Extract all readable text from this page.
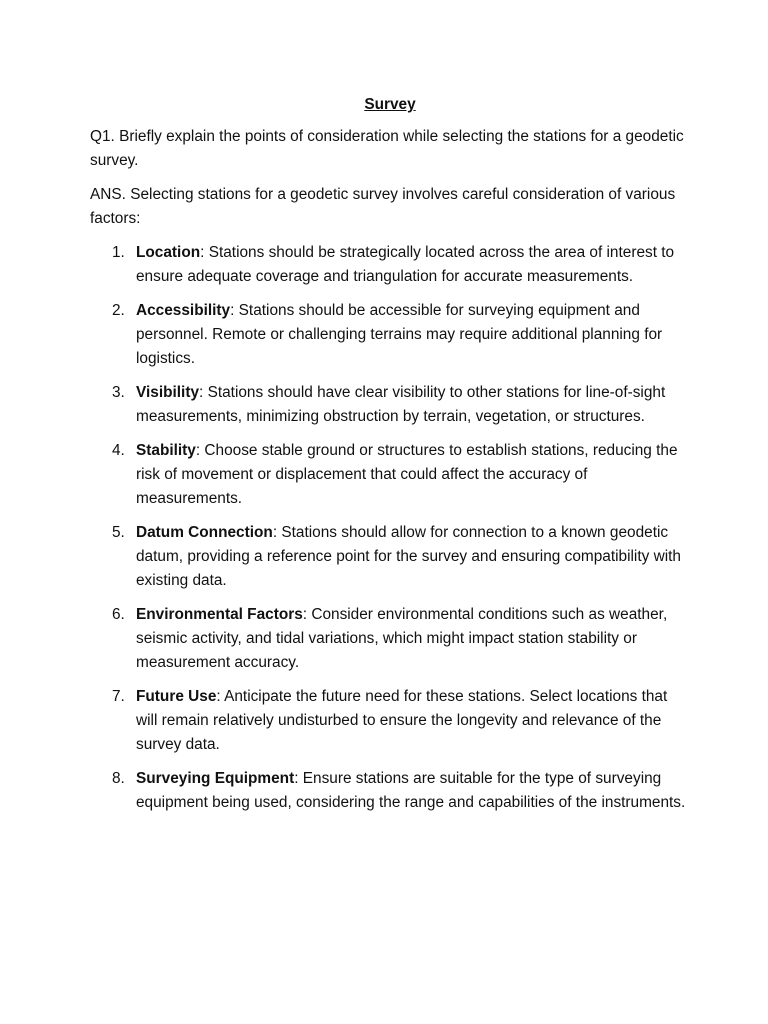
Survey
Q1. Briefly explain the points of consideration while selecting the stations for a geodetic survey.
ANS. Selecting stations for a geodetic survey involves careful consideration of various factors:
1. Location: Stations should be strategically located across the area of interest to ensure adequate coverage and triangulation for accurate measurements.
2. Accessibility: Stations should be accessible for surveying equipment and personnel. Remote or challenging terrains may require additional planning for logistics.
3. Visibility: Stations should have clear visibility to other stations for line-of-sight measurements, minimizing obstruction by terrain, vegetation, or structures.
4. Stability: Choose stable ground or structures to establish stations, reducing the risk of movement or displacement that could affect the accuracy of measurements.
5. Datum Connection: Stations should allow for connection to a known geodetic datum, providing a reference point for the survey and ensuring compatibility with existing data.
6. Environmental Factors: Consider environmental conditions such as weather, seismic activity, and tidal variations, which might impact station stability or measurement accuracy.
7. Future Use: Anticipate the future need for these stations. Select locations that will remain relatively undisturbed to ensure the longevity and relevance of the survey data.
8. Surveying Equipment: Ensure stations are suitable for the type of surveying equipment being used, considering the range and capabilities of the instruments.
